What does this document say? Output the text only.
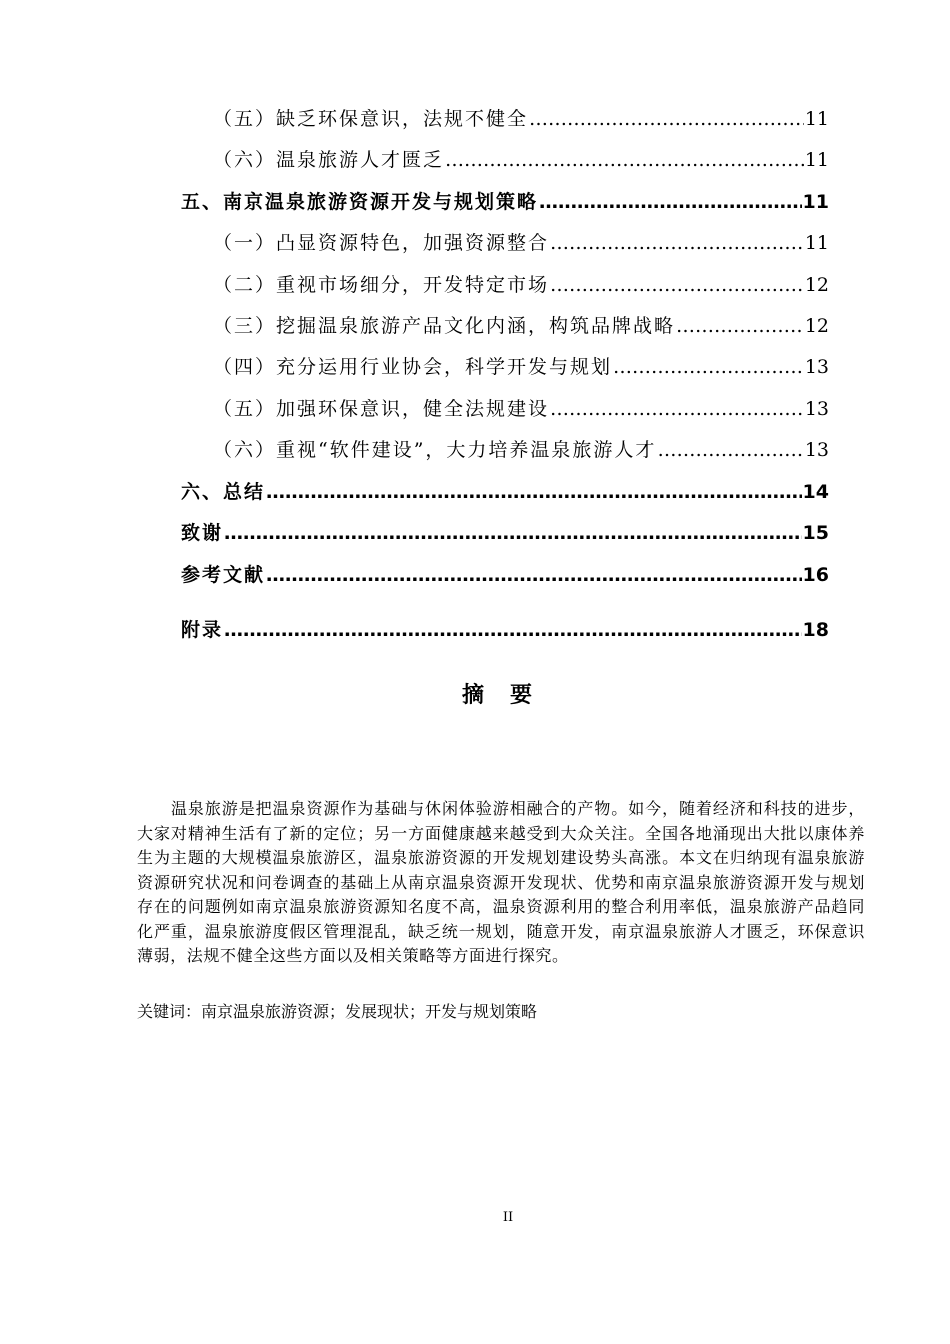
（五）缺乏环保意识，法规不健全 ……………………………………………………………………………………………………………………………………………………………………………	11
（六）温泉旅游人才匮乏 ……………………………………………………………………………………………………………………………………………………………………………	11
五、南京温泉旅游资源开发与规划策略 ……………………………………………………………………………………………………………………………………………………………………………	11
（一）凸显资源特色，加强资源整合 ……………………………………………………………………………………………………………………………………………………………………………	11
（二）重视市场细分，开发特定市场 ……………………………………………………………………………………………………………………………………………………………………………	12
（三）挖掘温泉旅游产品文化内涵，构筑品牌战略 ……………………………………………………………………………………………………………………………………………………………………………	12
（四）充分运用行业协会，科学开发与规划 ……………………………………………………………………………………………………………………………………………………………………………	13
（五）加强环保意识，健全法规建设 ……………………………………………………………………………………………………………………………………………………………………………	13
（六）重视“软件建设”，大力培养温泉旅游人才 ……………………………………………………………………………………………………………………………………………………………………………	13
六、总结 ……………………………………………………………………………………………………………………………………………………………………………	14
致谢 ……………………………………………………………………………………………………………………………………………………………………………	15
参考文献 ……………………………………………………………………………………………………………………………………………………………………………	16
附录 ……………………………………………………………………………………………………………………………………………………………………………	18
摘要
温泉旅游是把温泉资源作为基础与休闲体验游相融合的产物。如今，随着经济和科技的进步，大家对精神生活有了新的定位；另一方面健康越来越受到大众关注。全国各地涌现出大批以康体养生为主题的大规模温泉旅游区，温泉旅游资源的开发规划建设势头高涨。本文在归纳现有温泉旅游资源研究状况和问卷调查的基础上从南京温泉资源开发现状、优势和南京温泉旅游资源开发与规划存在的问题例如南京温泉旅游资源知名度不高，温泉资源利用的整合利用率低，温泉旅游产品趋同化严重，温泉旅游度假区管理混乱，缺乏统一规划，随意开发，南京温泉旅游人才匮乏，环保意识薄弱，法规不健全这些方面以及相关策略等方面进行探究。
关键词：南京温泉旅游资源；发展现状；开发与规划策略
II
